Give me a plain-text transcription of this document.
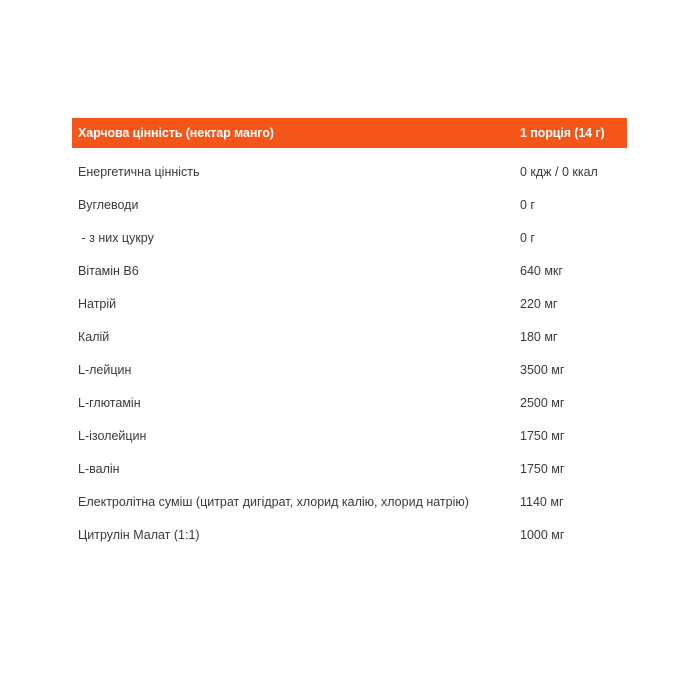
Харчова цінність (нектар манго)	1 порція (14 г)
Енергетична цінність	0 кдж / 0 ккал
Вуглеводи	0 г
- з них цукру	0 г
Вітамін B6	640 мкг
Натрій	220 мг
Калій	180 мг
L-лейцин	3500 мг
L-глютамін	2500 мг
L-ізолейцин	1750 мг
L-валін	1750 мг
Електролітна суміш (цитрат дигідрат, хлорид калію, хлорид натрію)	1140 мг
Цитрулін Малат (1:1)	1000 мг
